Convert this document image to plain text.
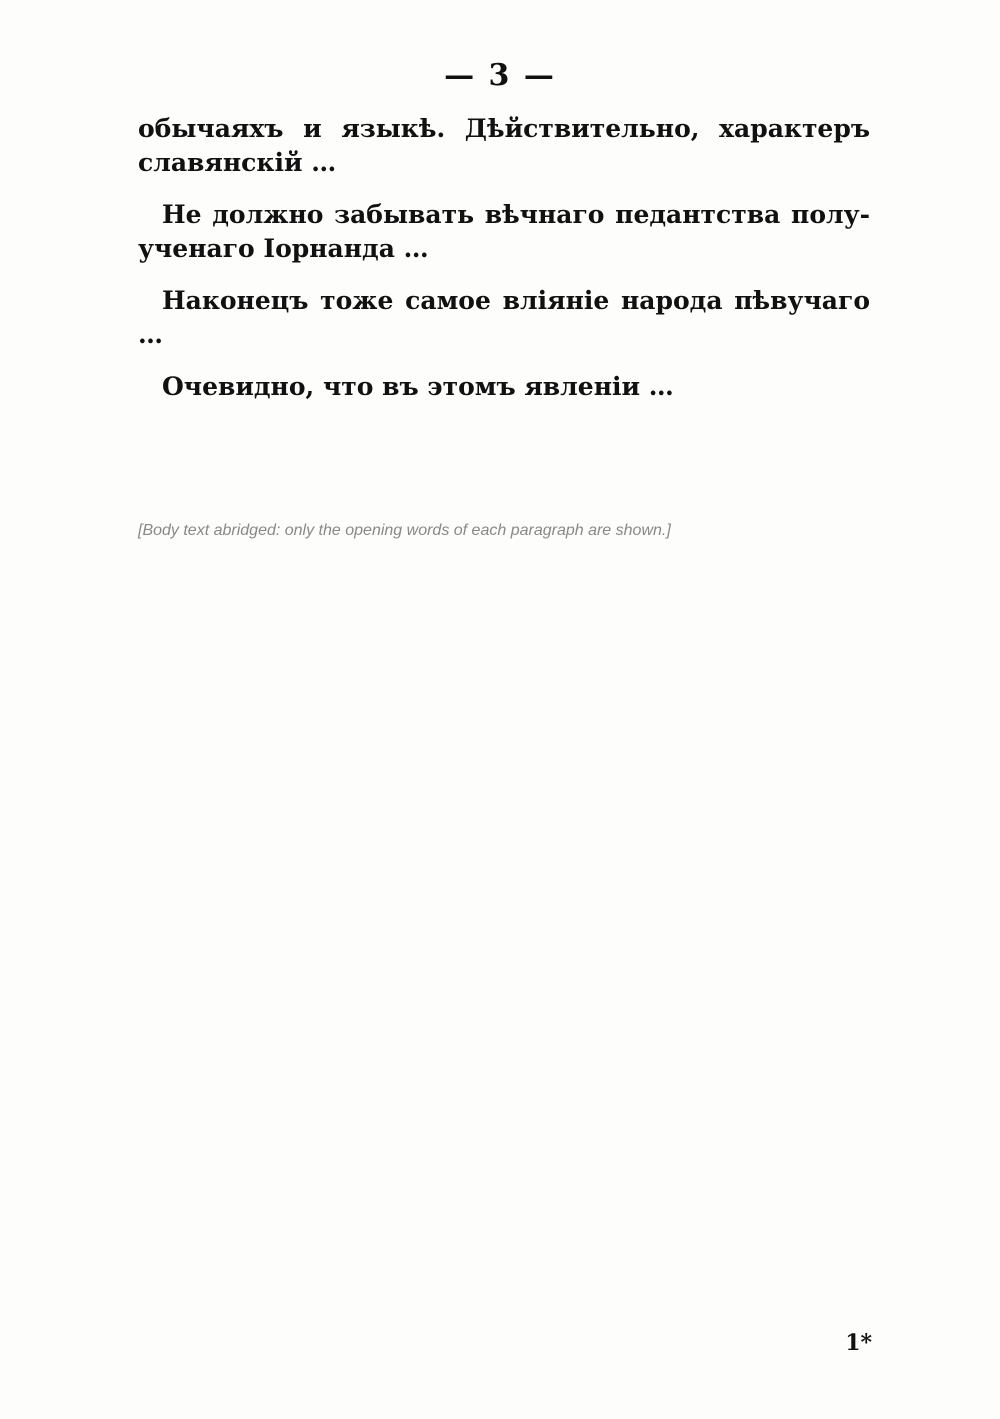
— 3 —

обычаяхъ и языкѣ. Дѣйствительно, характеръ славянскій …

Не должно забывать вѣчнаго педантства полу-ученаго Іорнанда …

Наконецъ тоже самое вліяніе народа пѣвучаго …

Очевидно, что въ этомъ явленіи …

[Body text abridged: only the opening words of each paragraph are shown.]
1*
